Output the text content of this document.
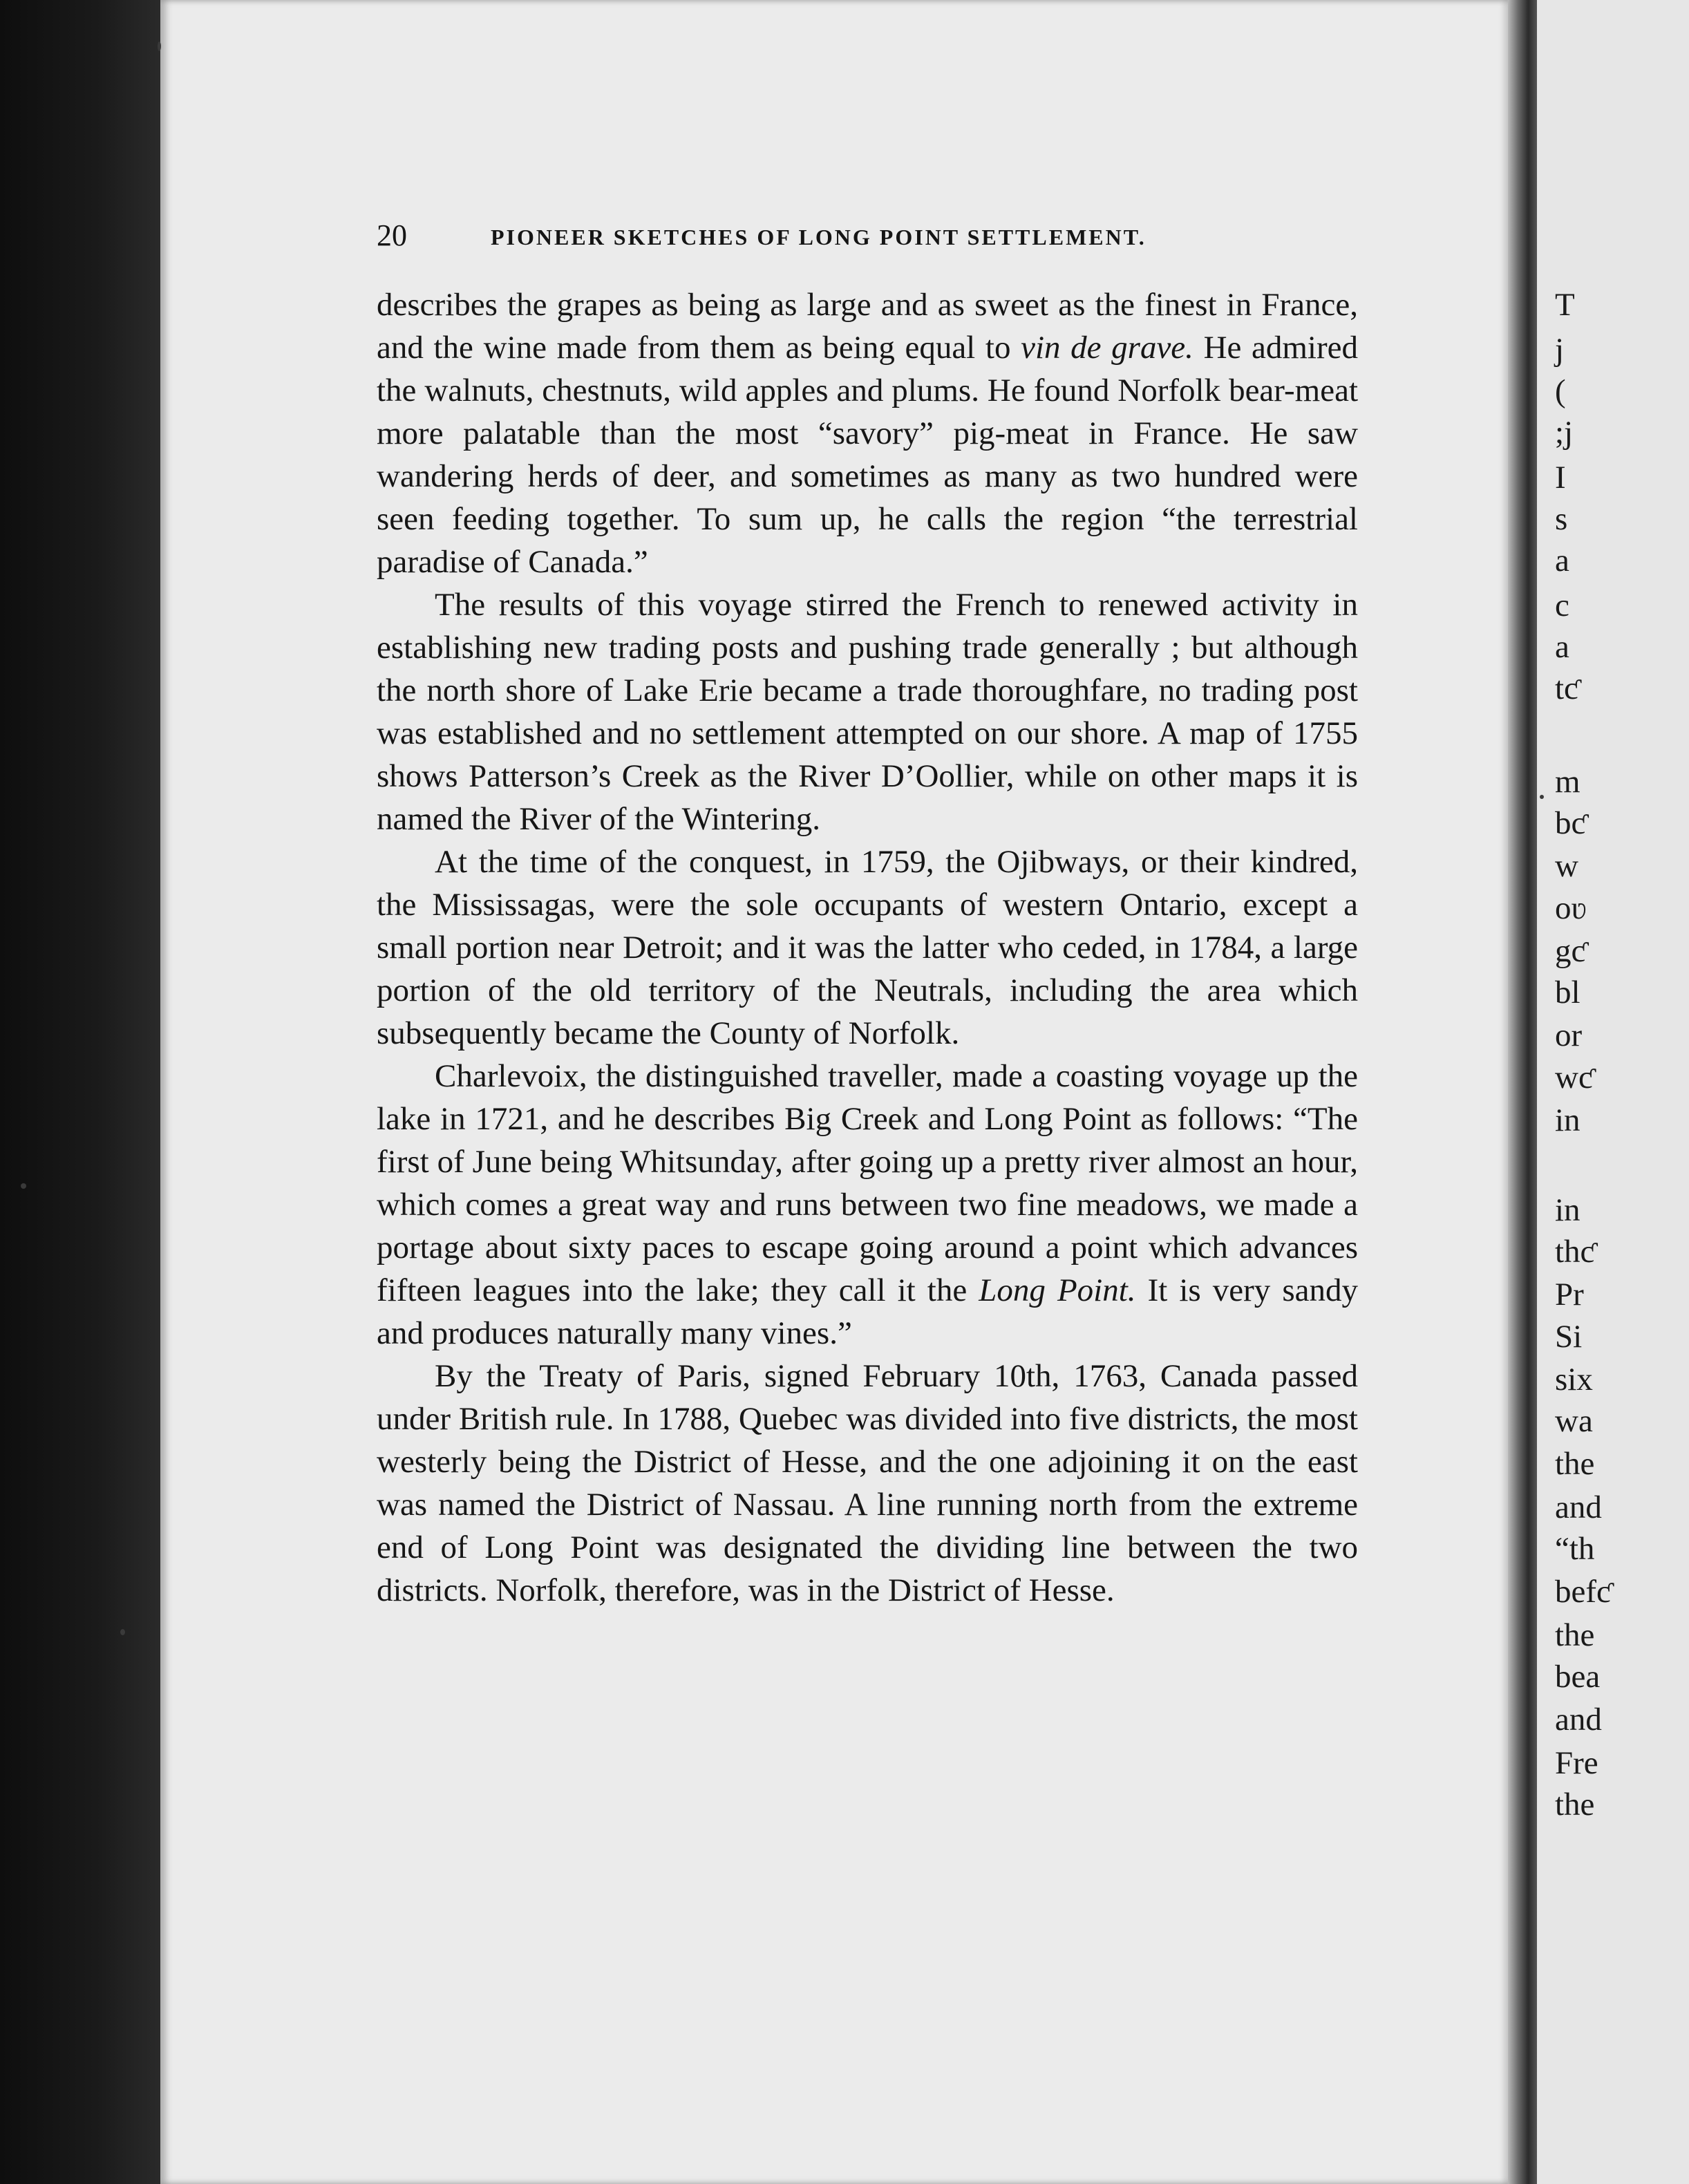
20	PIONEER SKETCHES OF LONG POINT SETTLEMENT.

describes the grapes as being as large and as sweet as the finest in France, and the wine made from them as being equal to vin de grave. He admired the walnuts, chestnuts, wild apples and plums. He found Norfolk bear-meat more palatable than the most “savory” pig-meat in France. He saw wandering herds of deer, and sometimes as many as two hundred were seen feeding together. To sum up, he calls the region “the terrestrial paradise of Canada.”

The results of this voyage stirred the French to renewed activity in establishing new trading posts and pushing trade generally ; but although the north shore of Lake Erie became a trade thoroughfare, no trading post was established and no settlement attempted on our shore. A map of 1755 shows Patterson’s Creek as the River D’Oollier, while on other maps it is named the River of the Wintering.

At the time of the conquest, in 1759, the Ojibways, or their kindred, the Mississagas, were the sole occupants of western Ontario, except a small portion near Detroit; and it was the latter who ceded, in 1784, a large portion of the old territory of the Neutrals, including the area which subsequently became the County of Norfolk.

Charlevoix, the distinguished traveller, made a coasting voyage up the lake in 1721, and he describes Big Creek and Long Point as follows: “The first of June being Whitsunday, after going up a pretty river almost an hour, which comes a great way and runs between two fine meadows, we made a portage about sixty paces to escape going around a point which advances fifteen leagues into the lake; they call it the Long Point. It is very sandy and produces naturally many vines.”

By the Treaty of Paris, signed February 10th, 1763, Canada passed under British rule. In 1788, Quebec was divided into five districts, the most westerly being the District of Hesse, and the one adjoining it on the east was named the District of Nassau. A line running north from the extreme end of Long Point was designated the dividing line between the two districts. Norfolk, therefore, was in the District of Hesse.

T
j
(
;j
I
s
a
c
a
tƈ
m
bƈ
w
oʋ
gƈ
bl
or
wƈ
in
in
thƈ
Pr
Si
six
wa
the
and
“th
befƈ
the
bea
and
Fre
the
